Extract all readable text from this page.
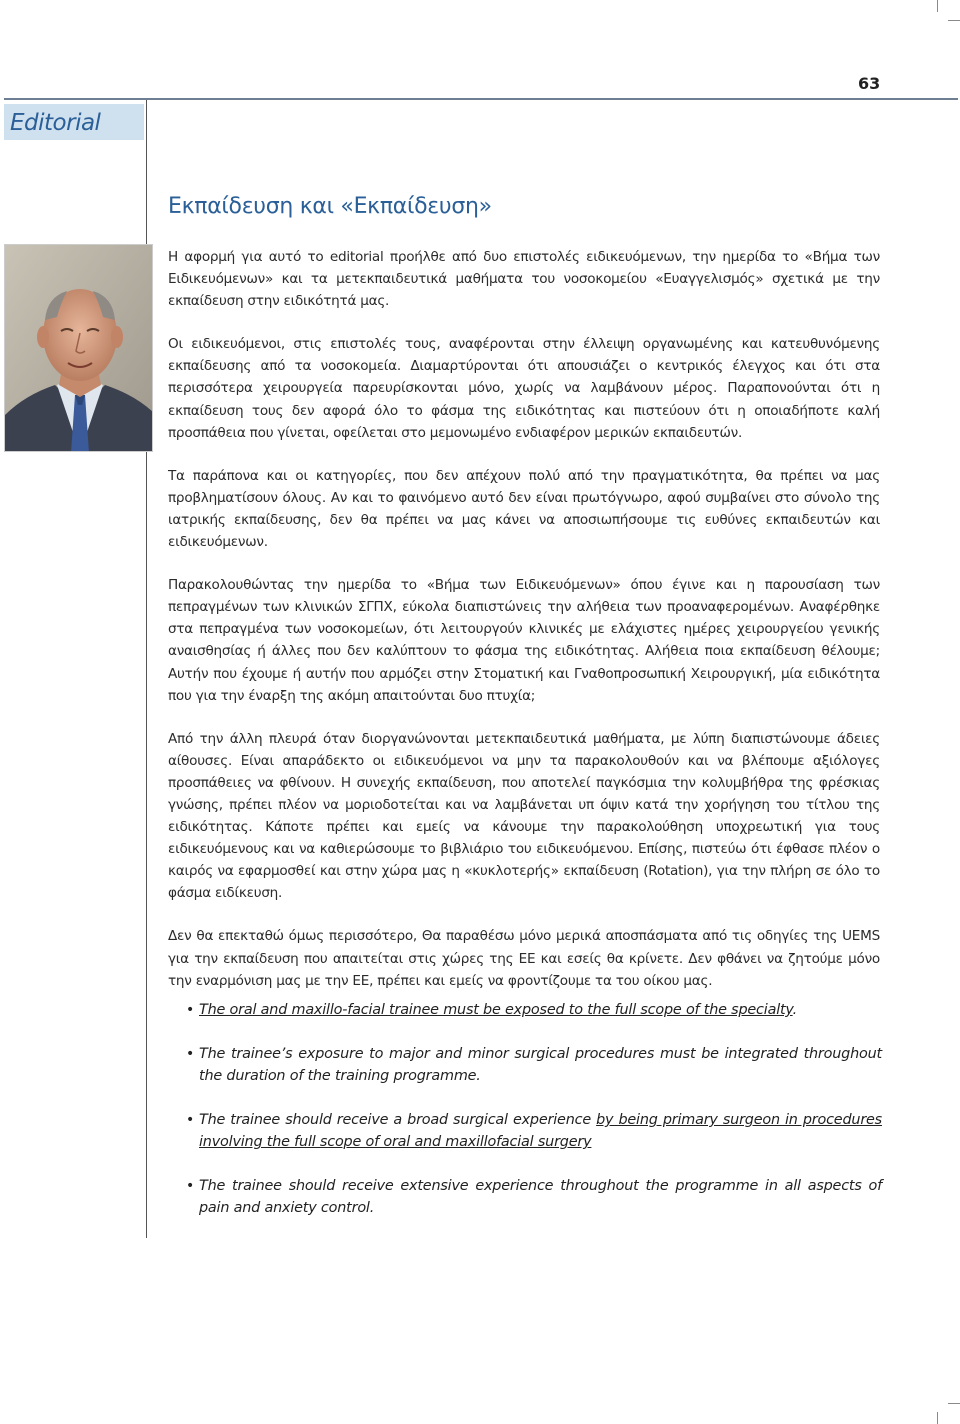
63
Editorial
Εκπαίδευση και «Εκπαίδευση»

Η αφορμή για αυτό το editorial προήλθε από δυο επιστολές ειδικευόμενων, την ημερίδα το «Βήμα των Ειδικευόμενων» και τα μετεκπαιδευτικά μαθήματα του νοσοκομείου «Ευαγγελισμός» σχετικά με την εκπαίδευση στην ειδικότητά μας.

Οι ειδικευόμενοι, στις επιστολές τους, αναφέρονται στην έλλειψη οργανωμένης και κατευθυνόμενης εκπαίδευσης από τα νοσοκομεία. Διαμαρτύρονται ότι απουσιάζει ο κεντρικός έλεγχος και ότι στα περισσότερα χειρουργεία παρευρίσκονται μόνο, χωρίς να λαμβάνουν μέρος. Παραπονούνται ότι η εκπαίδευση τους δεν αφορά όλο το φάσμα της ειδικότητας και πιστεύουν ότι η οποιαδήποτε καλή προσπάθεια που γίνεται, οφείλεται στο μεμονωμένο ενδιαφέρον μερικών εκπαιδευτών.

Τα παράπονα και οι κατηγορίες, που δεν απέχουν πολύ από την πραγματικότητα, θα πρέπει να μας προβληματίσουν όλους. Αν και το φαινόμενο αυτό δεν είναι πρωτόγνωρο, αφού συμβαίνει στο σύνολο της ιατρικής εκπαίδευσης, δεν θα πρέπει να μας κάνει να αποσιωπήσουμε τις ευθύνες εκπαιδευτών και ειδικευόμενων.

Παρακολουθώντας την ημερίδα το «Βήμα των Ειδικευόμενων» όπου έγινε και η παρουσίαση των πεπραγμένων των κλινικών ΣΓΠΧ, εύκολα διαπιστώνεις την αλήθεια των προαναφερομένων. Αναφέρθηκε στα πεπραγμένα των νοσοκομείων, ότι λειτουργούν κλινικές με ελάχιστες ημέρες χειρουργείου γενικής αναισθησίας ή άλλες που δεν καλύπτουν το φάσμα της ειδικότητας. Αλήθεια ποια εκπαίδευση θέλουμε; Αυτήν που έχουμε ή αυτήν που αρμόζει στην Στοματική και Γναθοπροσωπική Χειρουργική, μία ειδικότητα που για την έναρξη της ακόμη απαιτούνται δυο πτυχία;

Από την άλλη πλευρά όταν διοργανώνονται μετεκπαιδευτικά μαθήματα, με λύπη διαπιστώνουμε άδειες αίθουσες. Είναι απαράδεκτο οι ειδικευόμενοι να μην τα παρακολουθούν και να βλέπουμε αξιόλογες προσπάθειες να φθίνουν. Η συνεχής εκπαίδευση, που αποτελεί παγκόσμια την κολυμβήθρα της φρέσκιας γνώσης, πρέπει πλέον να μοριοδοτείται και να λαμβάνεται υπ όψιν κατά την χορήγηση του τίτλου της ειδικότητας. Κάποτε πρέπει και εμείς να κάνουμε την παρακολούθηση υποχρεωτική για τους ειδικευόμενους και να καθιερώσουμε το βιβλιάριο του ειδικευόμενου. Επίσης, πιστεύω ότι έφθασε πλέον ο καιρός να εφαρμοσθεί και στην χώρα μας η «κυκλοτερής» εκπαίδευση (Rotation), για την πλήρη σε όλο το φάσμα ειδίκευση.

Δεν θα επεκταθώ όμως περισσότερο, Θα παραθέσω μόνο μερικά αποσπάσματα από τις οδηγίες της UEMS για την εκπαίδευση που απαιτείται στις χώρες της ΕΕ και εσείς θα κρίνετε. Δεν φθάνει να ζητούμε μόνο την εναρμόνιση μας με την ΕΕ, πρέπει και εμείς να φροντίζουμε τα του οίκου μας.

• The oral and maxillo-facial trainee must be exposed to the full scope of the specialty.
• The trainee’s exposure to major and minor surgical procedures must be integrated throughout the duration of the training programme.
• The trainee should receive a broad surgical experience by being primary surgeon in procedures involving the full scope of oral and maxillofacial surgery
• The trainee should receive extensive experience throughout the programme in all aspects of pain and anxiety control.
